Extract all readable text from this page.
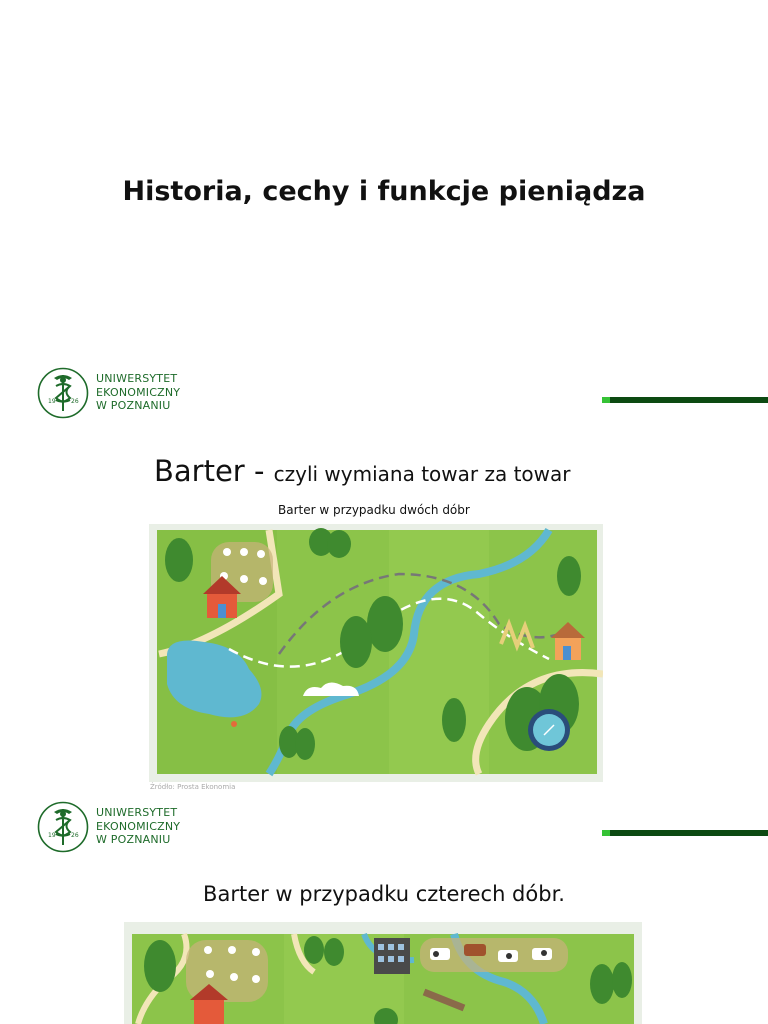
Historia, cechy i funkcje pieniądza
19	26
UNIWERSYTET
EKONOMICZNY
W POZNANIU
Barter - czyli wymiana towar za towar
Barter w przypadku dwóch dóbr
Źródło: Prosta Ekonomia
19	26
UNIWERSYTET
EKONOMICZNY
W POZNANIU
Barter w przypadku czterech dóbr.
